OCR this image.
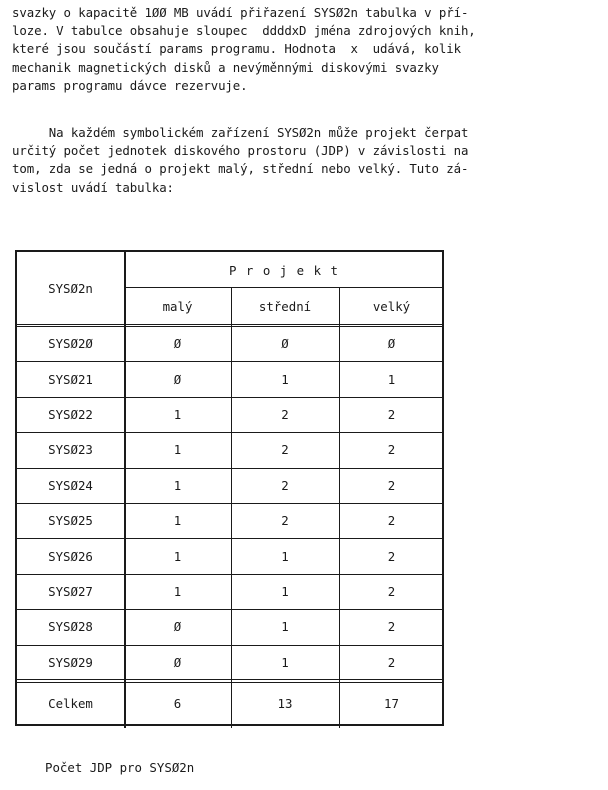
svazky o kapacitě 1ØØ MB uvádí přiřazení SYSØ2n tabulka v pří-
loze. V tabulce obsahuje sloupec  ddddxD jména zdrojových knih,
které jsou součástí params programu. Hodnota  x  udává, kolik
mechanik magnetických disků a nevýměnnými diskovými svazky
params programu dávce rezervuje.
Na každém symbolickém zařízení SYSØ2n může projekt čerpat
určitý počet jednotek diskového prostoru (JDP) v závislosti na
tom, zda se jedná o projekt malý, střední nebo velký. Tuto zá-
vislost uvádí tabulka:
SYSØ2n
P r o j e k t
malý	střední	velký
SYSØ2Ø	Ø	Ø	Ø
SYSØ21	Ø	1	1
SYSØ22	1	2	2
SYSØ23	1	2	2
SYSØ24	1	2	2
SYSØ25	1	2	2
SYSØ26	1	1	2
SYSØ27	1	1	2
SYSØ28	Ø	1	2
SYSØ29	Ø	1	2
Celkem	6	13	17
Počet JDP pro SYSØ2n
